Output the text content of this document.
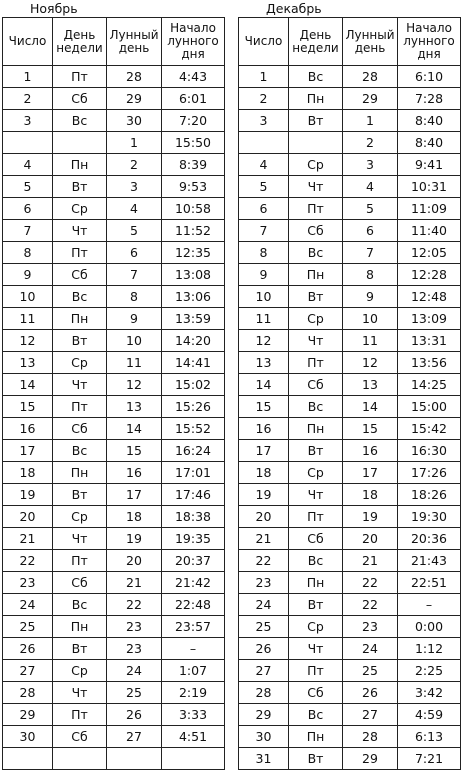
Ноябрь
Число	День недели	Лунный день	Начало лунного дня
1	Пт	28	4:43
2	Сб	29	6:01
3	Вс	30	7:20
		1	15:50
4	Пн	2	8:39
5	Вт	3	9:53
6	Ср	4	10:58
7	Чт	5	11:52
8	Пт	6	12:35
9	Сб	7	13:08
10	Вс	8	13:06
11	Пн	9	13:59
12	Вт	10	14:20
13	Ср	11	14:41
14	Чт	12	15:02
15	Пт	13	15:26
16	Сб	14	15:52
17	Вс	15	16:24
18	Пн	16	17:01
19	Вт	17	17:46
20	Ср	18	18:38
21	Чт	19	19:35
22	Пт	20	20:37
23	Сб	21	21:42
24	Вс	22	22:48
25	Пн	23	23:57
26	Вт	23	–
27	Ср	24	1:07
28	Чт	25	2:19
29	Пт	26	3:33
30	Сб	27	4:51

Декабрь
Число	День недели	Лунный день	Начало лунного дня
1	Вс	28	6:10
2	Пн	29	7:28
3	Вт	1	8:40
		2	8:40
4	Ср	3	9:41
5	Чт	4	10:31
6	Пт	5	11:09
7	Сб	6	11:40
8	Вс	7	12:05
9	Пн	8	12:28
10	Вт	9	12:48
11	Ср	10	13:09
12	Чт	11	13:31
13	Пт	12	13:56
14	Сб	13	14:25
15	Вс	14	15:00
16	Пн	15	15:42
17	Вт	16	16:30
18	Ср	17	17:26
19	Чт	18	18:26
20	Пт	19	19:30
21	Сб	20	20:36
22	Вс	21	21:43
23	Пн	22	22:51
24	Вт	22	–
25	Ср	23	0:00
26	Чт	24	1:12
27	Пт	25	2:25
28	Сб	26	3:42
29	Вс	27	4:59
30	Пн	28	6:13
31	Вт	29	7:21
